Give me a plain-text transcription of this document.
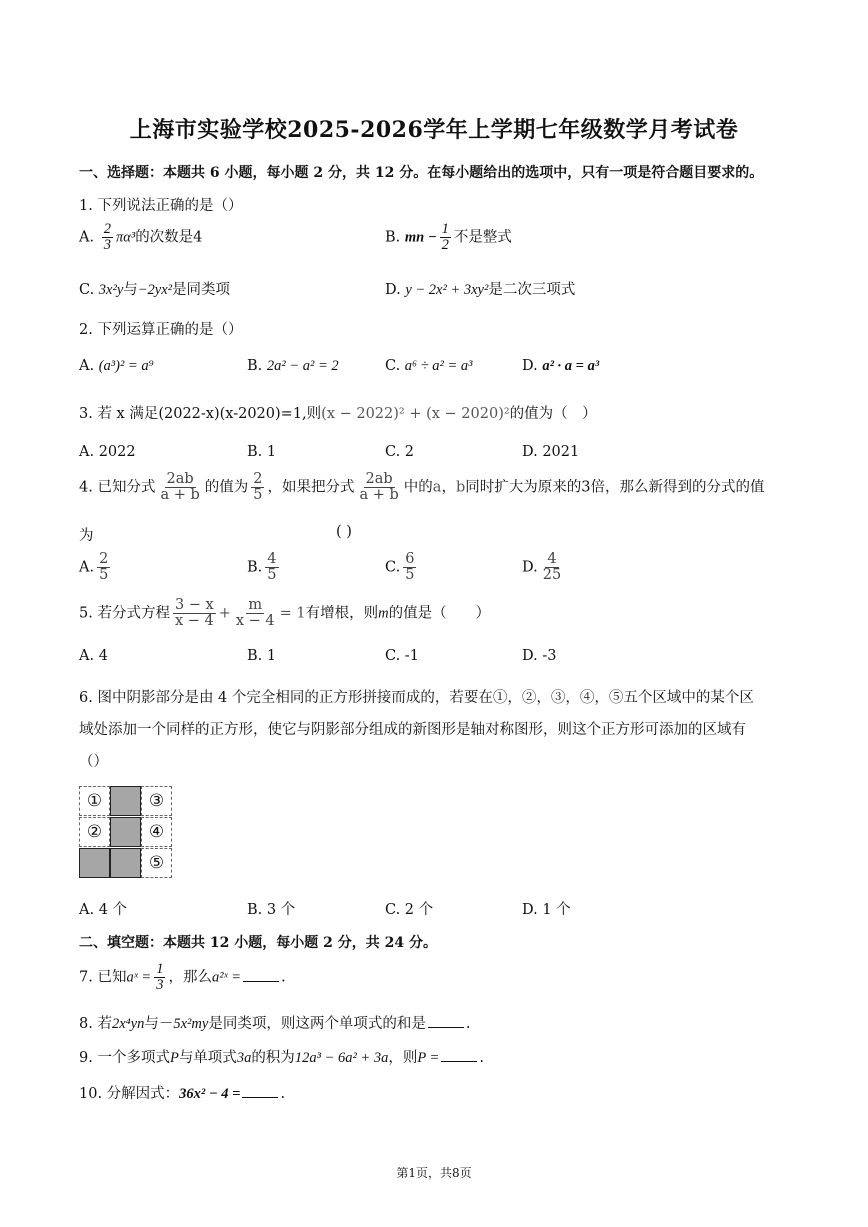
上海市实验学校2025-2026学年上学期七年级数学月考试卷
一、选择题：本题共 6 小题，每小题 2 分，共 12 分。在每小题给出的选项中，只有一项是符合题目要求的。
1. 下列说法正确的是（）
A. $\frac{2}{3} \pi\alpha^3$的次数是4	B. mn − $\frac{1}{2}$ 不是整式
C. 3x²y与−2yx²是同类项	D. y − 2x² + 3xy²是二次三项式
2. 下列运算正确的是（）
A. (a³)² = a⁹	B. 2a² − a² = 2	C. a⁶ ÷ a² = a³	D. a² · a = a³
3. 若 x 满足(2022-x)(x-2020)=1,则(x − 2022)² + (x − 2020)²的值为（　）
A. 2022	B. 1	C. 2	D. 2021
4. 已知分式 $\frac{2ab}{a + b}$ 的值为 $\frac{2}{5}$ ，如果把分式 $\frac{2ab}{a + b}$ 中的a，b同时扩大为原来的3倍，那么新得到的分式的值
为	( )
A. $\frac{2}{5}$	B. $\frac{4}{5}$	C. $\frac{6}{5}$	D. $\frac{4}{25}$
5. 若分式方程 $\frac{3 - x}{x - 4} + \frac{m}{x - 4} = 1$有增根，则m的值是（　　）
A. 4	B. 1	C. -1	D. -3
6. 图中阴影部分是由 4 个完全相同的正方形拼接而成的，若要在①，②，③，④，⑤五个区域中的某个区
域处添加一个同样的正方形，使它与阴影部分组成的新图形是轴对称图形，则这个正方形可添加的区域有
（）
①	③
②	④
⑤
A. 4 个	B. 3 个	C. 2 个	D. 1 个
二、填空题：本题共 12 小题，每小题 2 分，共 24 分。
7. 已知aˣ = $\frac{1}{3}$ ，那么a²ˣ =	.
8. 若2x⁴yn与－5x²my是同类项，则这两个单项式的和是	.
9. 一个多项式P与单项式3a的积为12a³ − 6a² + 3a，则P =	.
10. 分解因式：36x² − 4 =	.
第1页，共8页
